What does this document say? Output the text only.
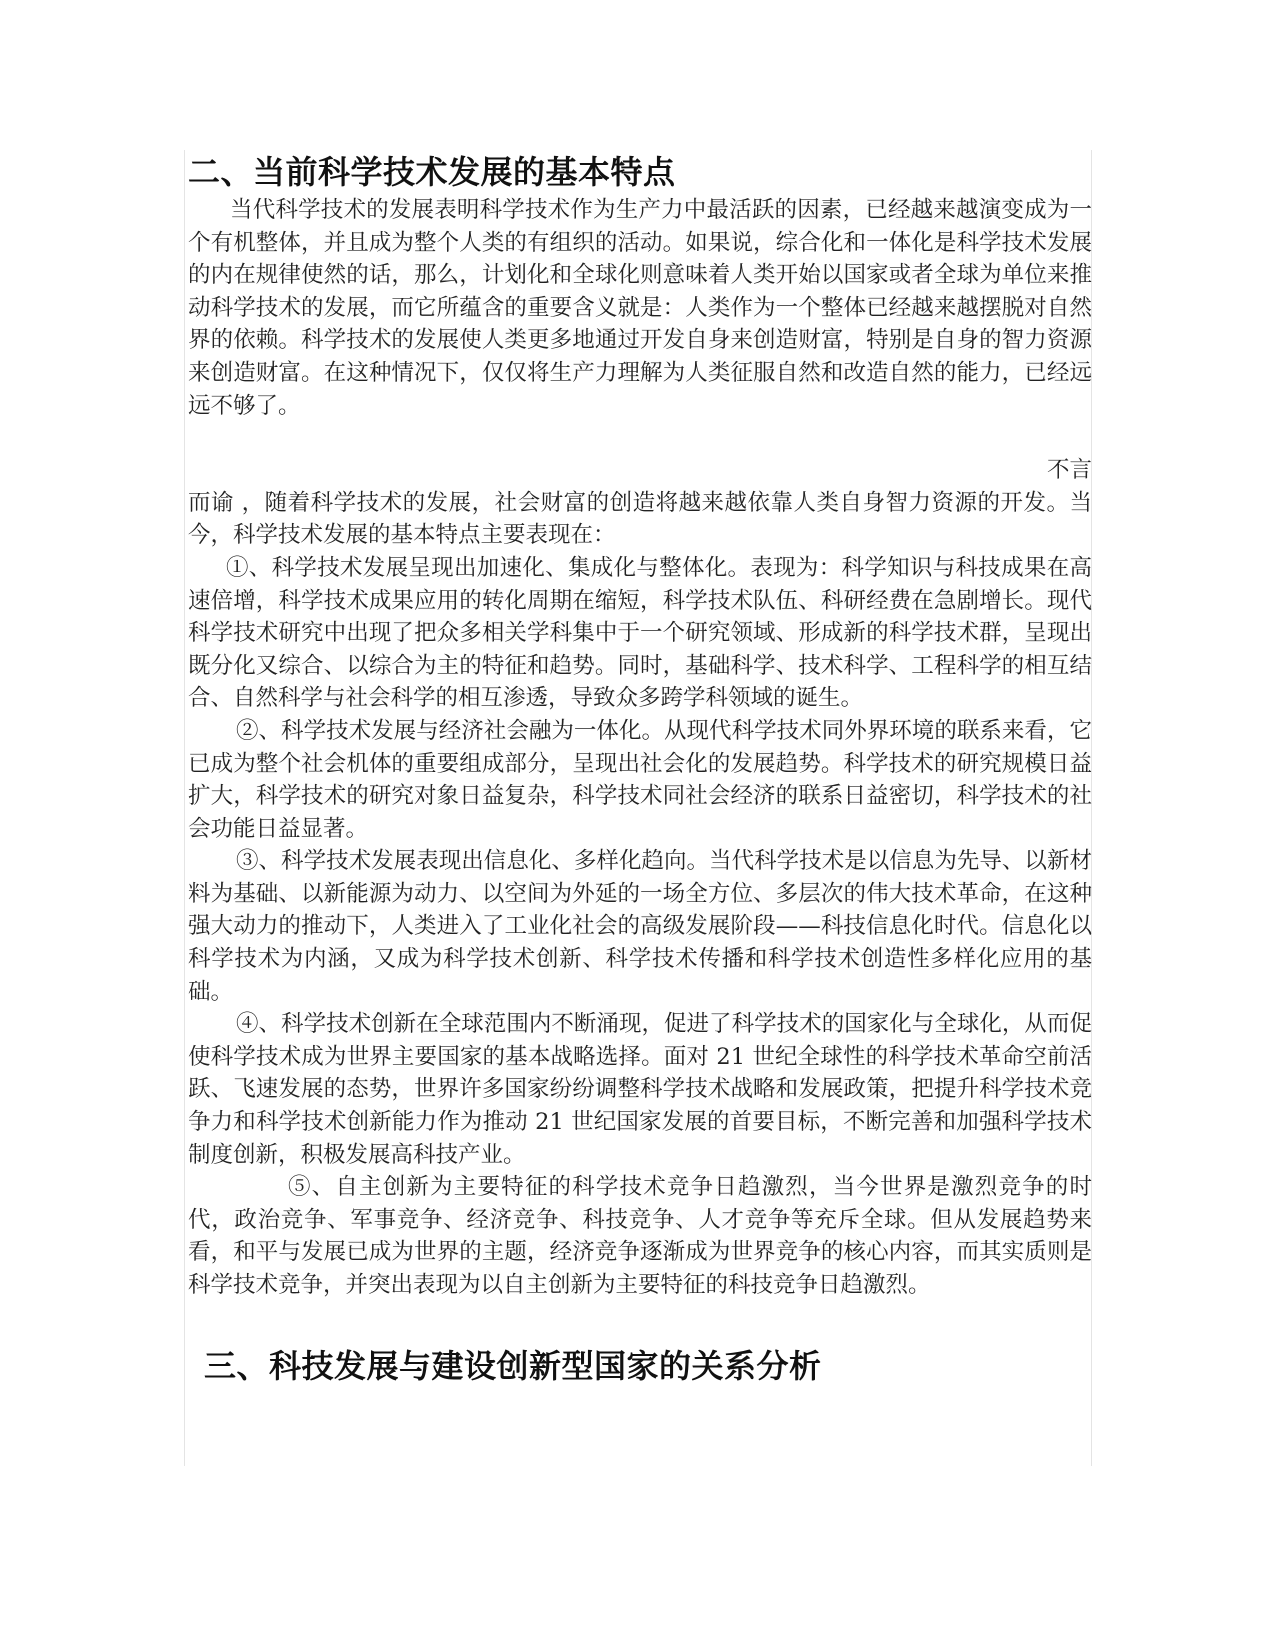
二、当前科学技术发展的基本特点

当代科学技术的发展表明科学技术作为生产力中最活跃的因素，已经越来越演变成为一个有机整体，并且成为整个人类的有组织的活动。如果说，综合化和一体化是科学技术发展的内在规律使然的话，那么，计划化和全球化则意味着人类开始以国家或者全球为单位来推动科学技术的发展，而它所蕴含的重要含义就是：人类作为一个整体已经越来越摆脱对自然界的依赖。科学技术的发展使人类更多地通过开发自身来创造财富，特别是自身的智力资源来创造财富。在这种情况下，仅仅将生产力理解为人类征服自然和改造自然的能力，已经远远不够了。

不言

而谕 ，随着科学技术的发展，社会财富的创造将越来越依靠人类自身智力资源的开发。当今，科学技术发展的基本特点主要表现在：

①、科学技术发展呈现出加速化、集成化与整体化。表现为：科学知识与科技成果在高速倍增，科学技术成果应用的转化周期在缩短，科学技术队伍、科研经费在急剧增长。现代科学技术研究中出现了把众多相关学科集中于一个研究领域、形成新的科学技术群，呈现出既分化又综合、以综合为主的特征和趋势。同时，基础科学、技术科学、工程科学的相互结合、自然科学与社会科学的相互渗透，导致众多跨学科领域的诞生。

②、科学技术发展与经济社会融为一体化。从现代科学技术同外界环境的联系来看，它已成为整个社会机体的重要组成部分，呈现出社会化的发展趋势。科学技术的研究规模日益扩大，科学技术的研究对象日益复杂，科学技术同社会经济的联系日益密切，科学技术的社会功能日益显著。

③、科学技术发展表现出信息化、多样化趋向。当代科学技术是以信息为先导、以新材料为基础、以新能源为动力、以空间为外延的一场全方位、多层次的伟大技术革命，在这种强大动力的推动下，人类进入了工业化社会的高级发展阶段——科技信息化时代。信息化以科学技术为内涵，又成为科学技术创新、科学技术传播和科学技术创造性多样化应用的基础。

④、科学技术创新在全球范围内不断涌现，促进了科学技术的国家化与全球化，从而促使科学技术成为世界主要国家的基本战略选择。面对 21 世纪全球性的科学技术革命空前活跃、飞速发展的态势，世界许多国家纷纷调整科学技术战略和发展政策，把提升科学技术竞争力和科学技术创新能力作为推动 21 世纪国家发展的首要目标，不断完善和加强科学技术制度创新，积极发展高科技产业。

⑤、自主创新为主要特征的科学技术竞争日趋激烈，当今世界是激烈竞争的时代，政治竞争、军事竞争、经济竞争、科技竞争、人才竞争等充斥全球。但从发展趋势来看，和平与发展已成为世界的主题，经济竞争逐渐成为世界竞争的核心内容，而其实质则是科学技术竞争，并突出表现为以自主创新为主要特征的科技竞争日趋激烈。

三、科技发展与建设创新型国家的关系分析
